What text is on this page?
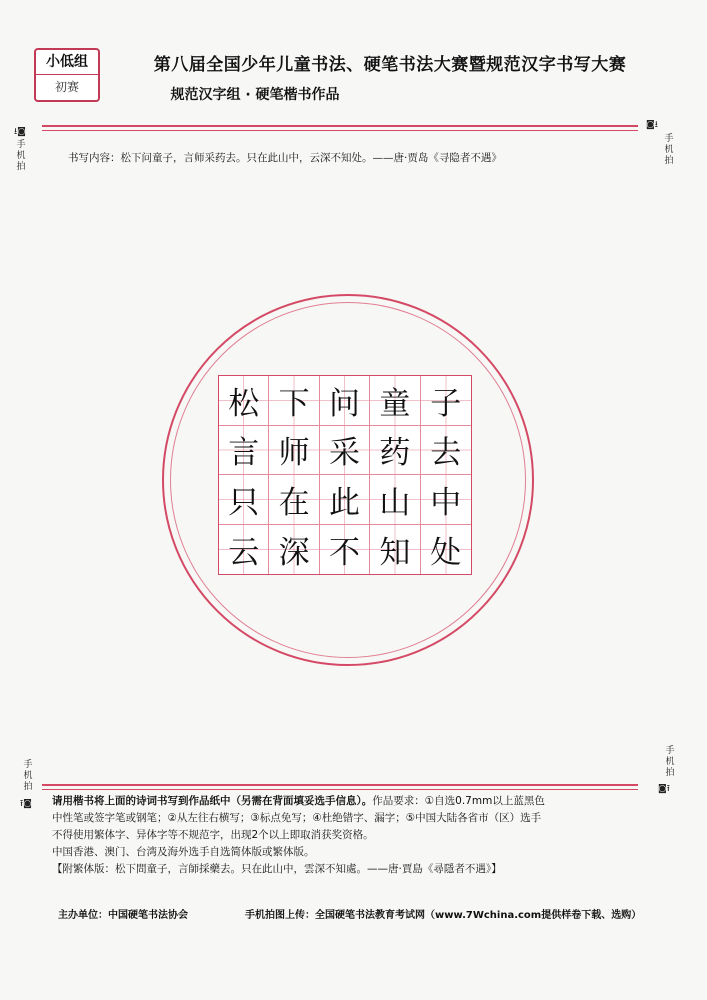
小低组
初赛
第八届全国少年儿童书法、硬笔书法大赛暨规范汉字书写大赛
规范汉字组 · 硬笔楷书作品
⭳◙
手机拍
◙⭳
手机拍
书写内容：松下问童子，言师采药去。只在此山中，云深不知处。——唐·贾岛《寻隐者不遇》
松 下 问 童 子
言 师 采 药 去
只 在 此 山 中
云 深 不 知 处
手机拍
⭱◙
手机拍
◙⭱

请用楷书将上面的诗词书写到作品纸中（另需在背面填妥选手信息）。作品要求：①自选0.7mm以上蓝黑色

中性笔或签字笔或钢笔；②从左往右横写；③标点免写；④杜绝错字、漏字；⑤中国大陆各省市（区）选手

不得使用繁体字、异体字等不规范字，出现2个以上即取消获奖资格。

中国香港、澳门、台湾及海外选手自选简体版或繁体版。

【附繁体版：松下問童子，言師採藥去。只在此山中，雲深不知處。——唐·賈島《尋隱者不遇》】

主办单位：中国硬笔书法协会	手机拍图上传：全国硬笔书法教育考试网（www.7Wchina.com提供样卷下载、选购）
